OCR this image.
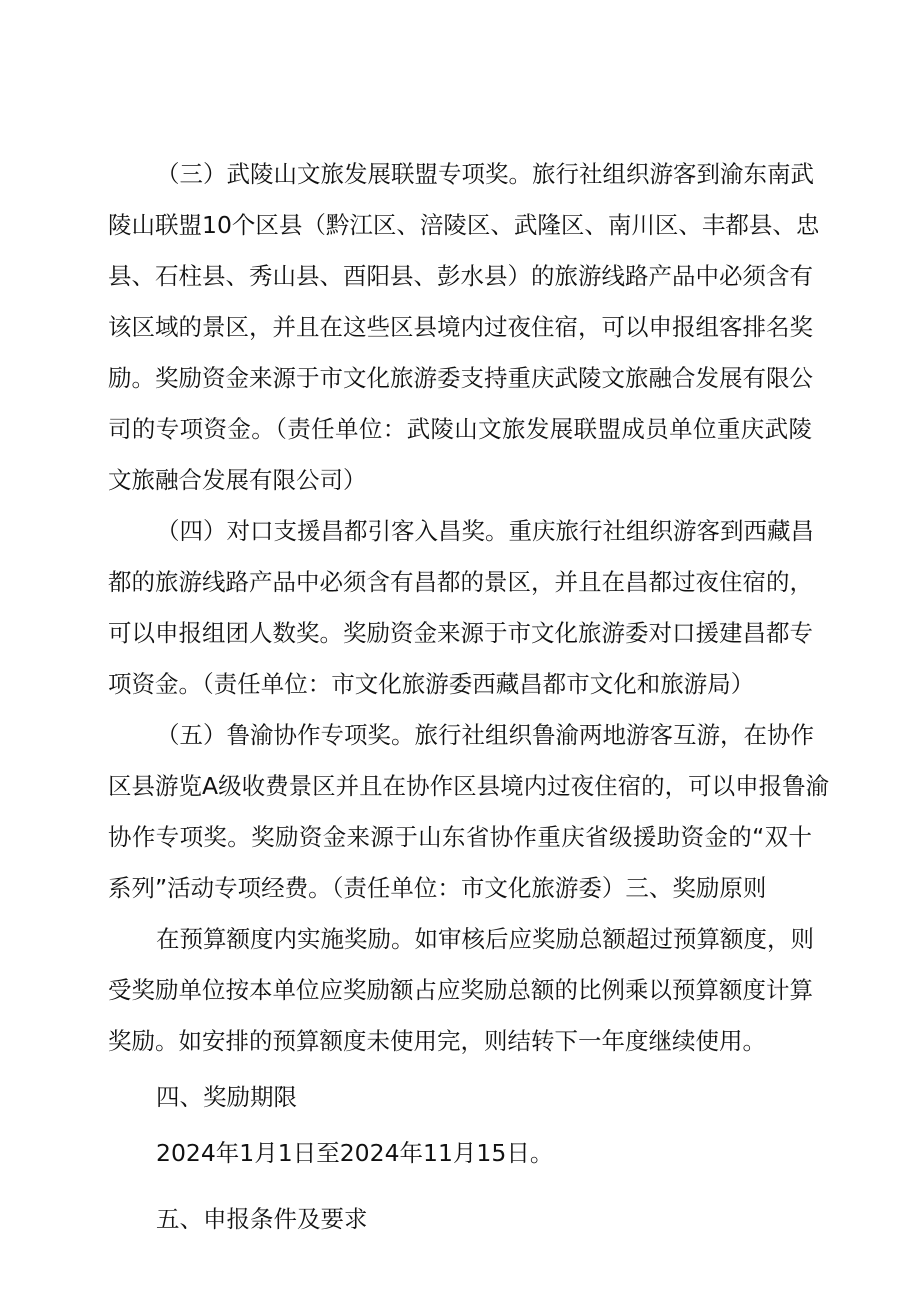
（三）武陵山文旅发展联盟专项奖。旅行社组织游客到渝东南武
陵山联盟10个区县（黔江区、涪陵区、武隆区、南川区、丰都县、忠
县、石柱县、秀山县、酉阳县、彭水县）的旅游线路产品中必须含有
该区域的景区，并且在这些区县境内过夜住宿，可以申报组客排名奖
励。奖励资金来源于市文化旅游委支持重庆武陵文旅融合发展有限公
司的专项资金。（责任单位：武陵山文旅发展联盟成员单位重庆武陵
文旅融合发展有限公司）
（四）对口支援昌都引客入昌奖。重庆旅行社组织游客到西藏昌
都的旅游线路产品中必须含有昌都的景区，并且在昌都过夜住宿的，
可以申报组团人数奖。奖励资金来源于市文化旅游委对口援建昌都专
项资金。（责任单位：市文化旅游委西藏昌都市文化和旅游局）
（五）鲁渝协作专项奖。旅行社组织鲁渝两地游客互游，在协作
区县游览A级收费景区并且在协作区县境内过夜住宿的，可以申报鲁渝
协作专项奖。奖励资金来源于山东省协作重庆省级援助资金的“双十
系列”活动专项经费。（责任单位：市文化旅游委）三、奖励原则
在预算额度内实施奖励。如审核后应奖励总额超过预算额度，则
受奖励单位按本单位应奖励额占应奖励总额的比例乘以预算额度计算
奖励。如安排的预算额度未使用完，则结转下一年度继续使用。
四、奖励期限
2024年1月1日至2024年11月15日。
五、申报条件及要求
